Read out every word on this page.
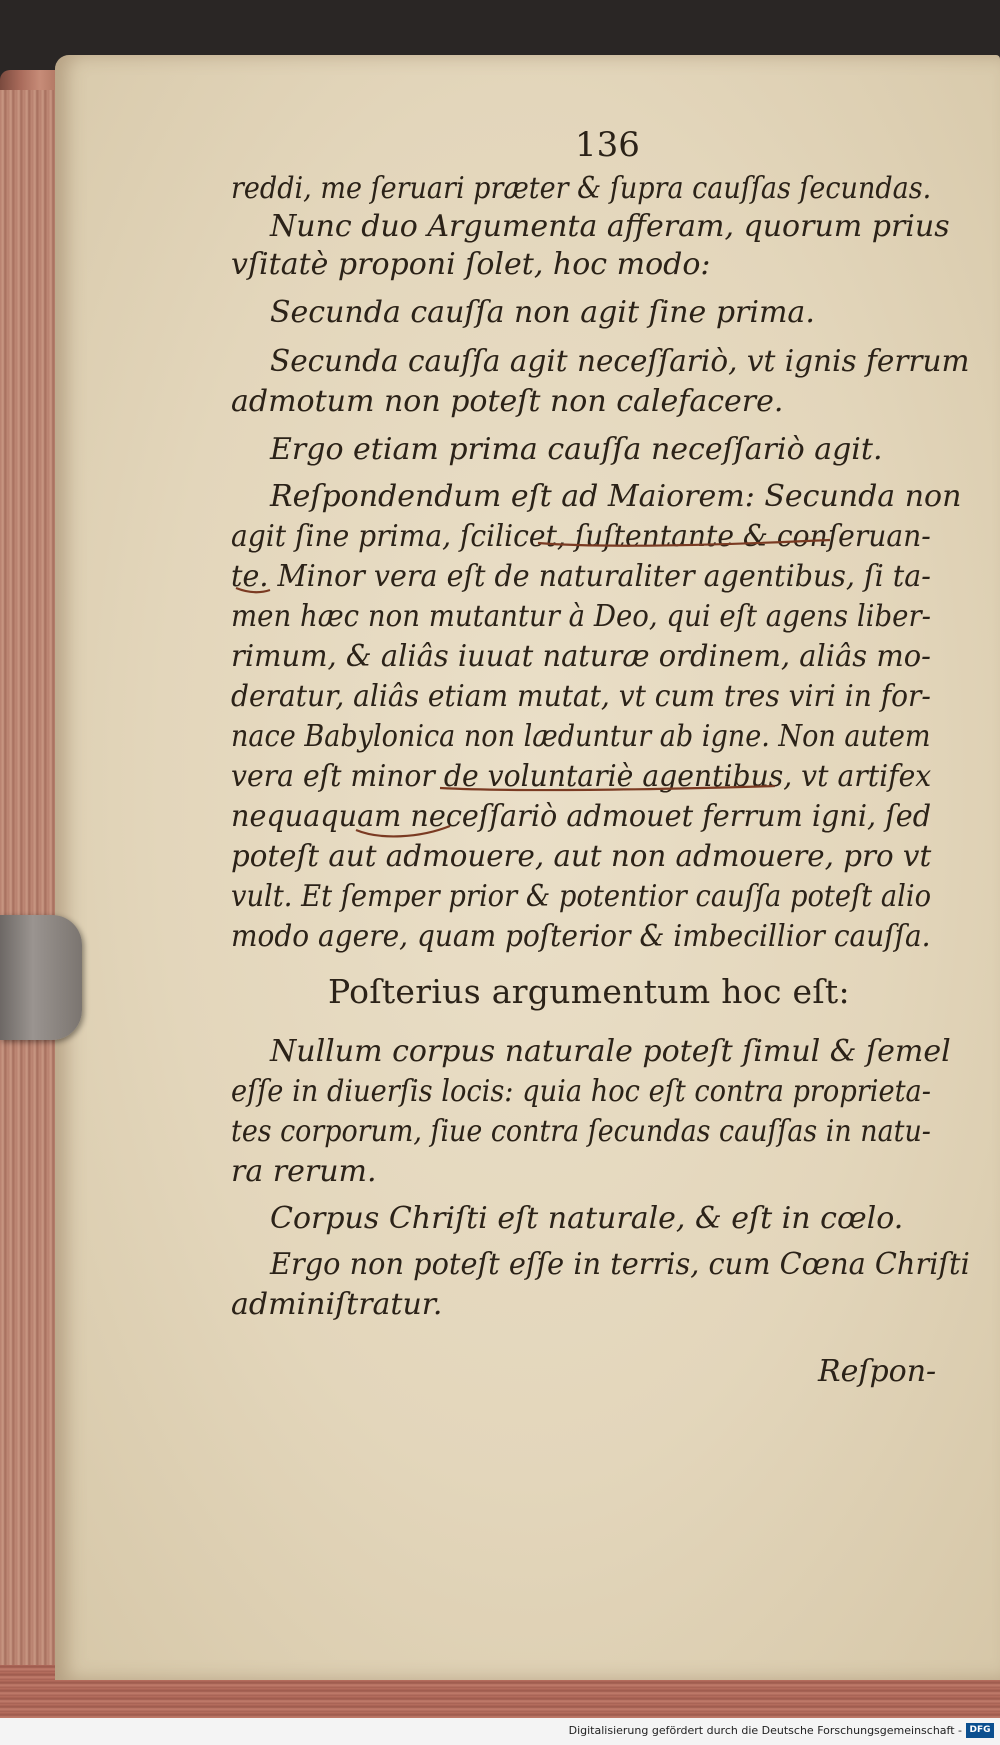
136
reddi, me ſeruari præter & ſupra cauſſas ſecundas.
Nunc duo Argumenta afferam, quorum prius
vſitatè proponi ſolet, hoc modo:
Secunda cauſſa non agit ſine prima.
Secunda cauſſa agit neceſſariò, vt ignis ferrum
admotum non poteſt non calefacere.
Ergo etiam prima cauſſa neceſſariò agit.
Reſpondendum eſt ad Maiorem: Secunda non
agit ſine prima, ſcilicet, ſuſtentante & conſeruan-
te. Minor vera eſt de naturaliter agentibus, ſi ta-
men hæc non mutantur à Deo, qui eſt agens liber-
rimum, & aliâs iuuat naturæ ordinem, aliâs mo-
deratur, aliâs etiam mutat, vt cum tres viri in for-
nace Babylonica non læduntur ab igne. Non autem
vera eſt minor de voluntariè agentibus, vt artifex
nequaquam neceſſariò admouet ferrum igni, ſed
poteſt aut admouere, aut non admouere, pro vt
vult. Et ſemper prior & potentior cauſſa poteſt alio
modo agere, quam poſterior & imbecillior cauſſa.
Poſterius argumentum hoc eſt:
Nullum corpus naturale poteſt ſimul & ſemel
eſſe in diuerſis locis: quia hoc eſt contra proprieta-
tes corporum, ſiue contra ſecundas cauſſas in natu-
ra rerum.
Corpus Chriſti eſt naturale, & eſt in cœlo.
Ergo non poteſt eſſe in terris, cum Cœna Chriſti
adminiſtratur.
Reſpon-
Digitalisierung gefördert durch die Deutsche Forschungsgemeinschaft - DFG
